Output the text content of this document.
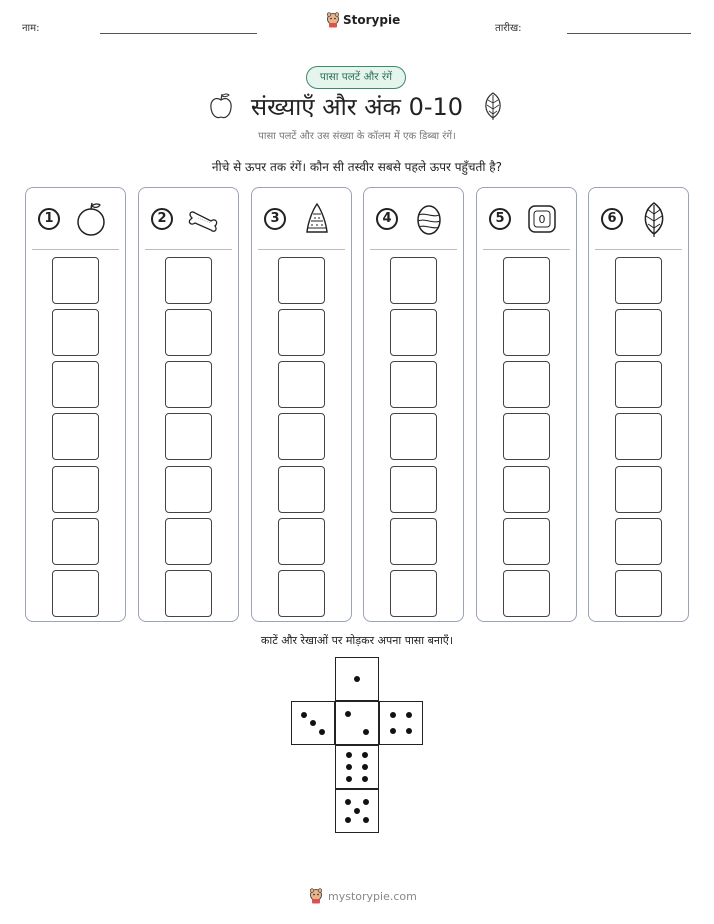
नाम:
Storypie
तारीख:
पासा पलटें और रंगें
संख्याएँ और अंक 0-10
पासा पलटें और उस संख्या के कॉलम में एक डिब्बा रंगें।
नीचे से ऊपर तक रंगें। कौन सी तस्वीर सबसे पहले ऊपर पहुँचती है?
1	2	3	4	5	0	6
काटें और रेखाओं पर मोड़कर अपना पासा बनाएँ।
mystorypie.com
